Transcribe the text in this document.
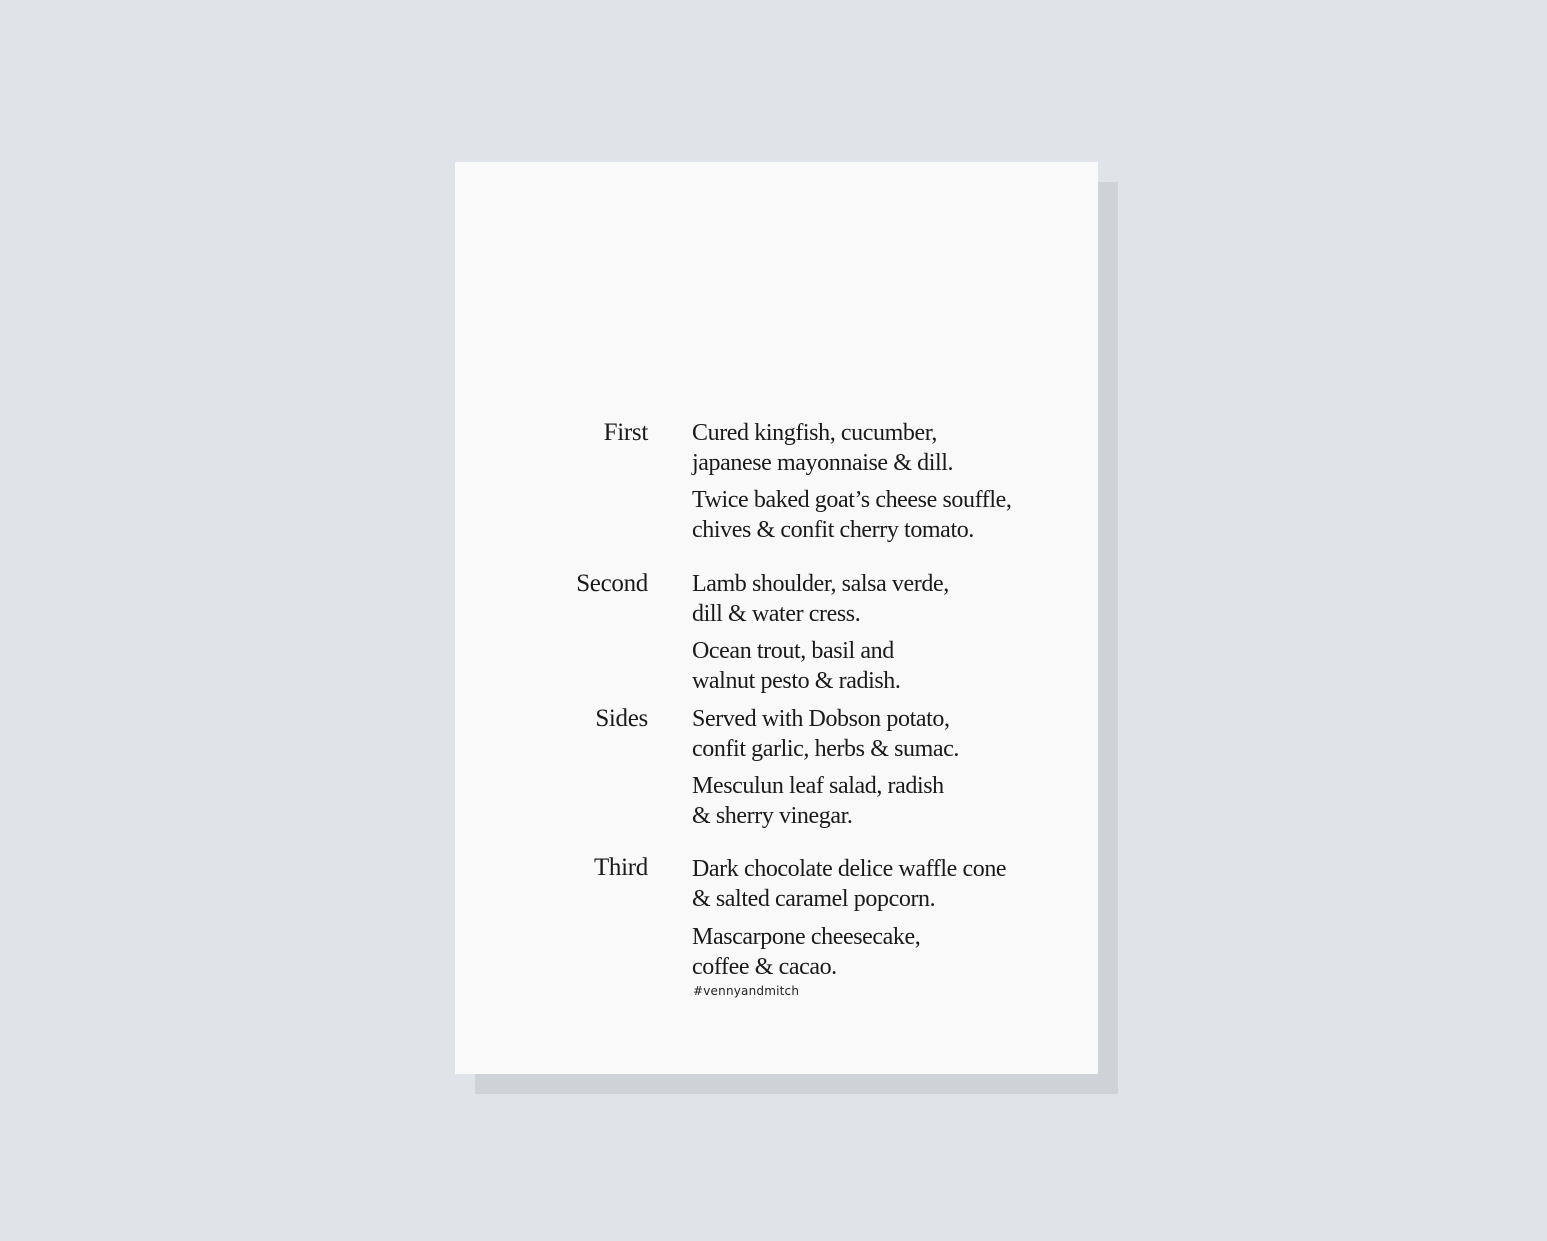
First Cured kingfish, cucumber,
japanese mayonnaise & dill.
Twice baked goat’s cheese souffle,
chives & confit cherry tomato.
Second Lamb shoulder, salsa verde,
dill & water cress.
Ocean trout, basil and
walnut pesto & radish.
Sides Served with Dobson potato,
confit garlic, herbs & sumac.
Mesculun leaf salad, radish
& sherry vinegar.
Third Dark chocolate delice waffle cone
& salted caramel popcorn.
Mascarpone cheesecake,
coffee & cacao.
#vennyandmitch
